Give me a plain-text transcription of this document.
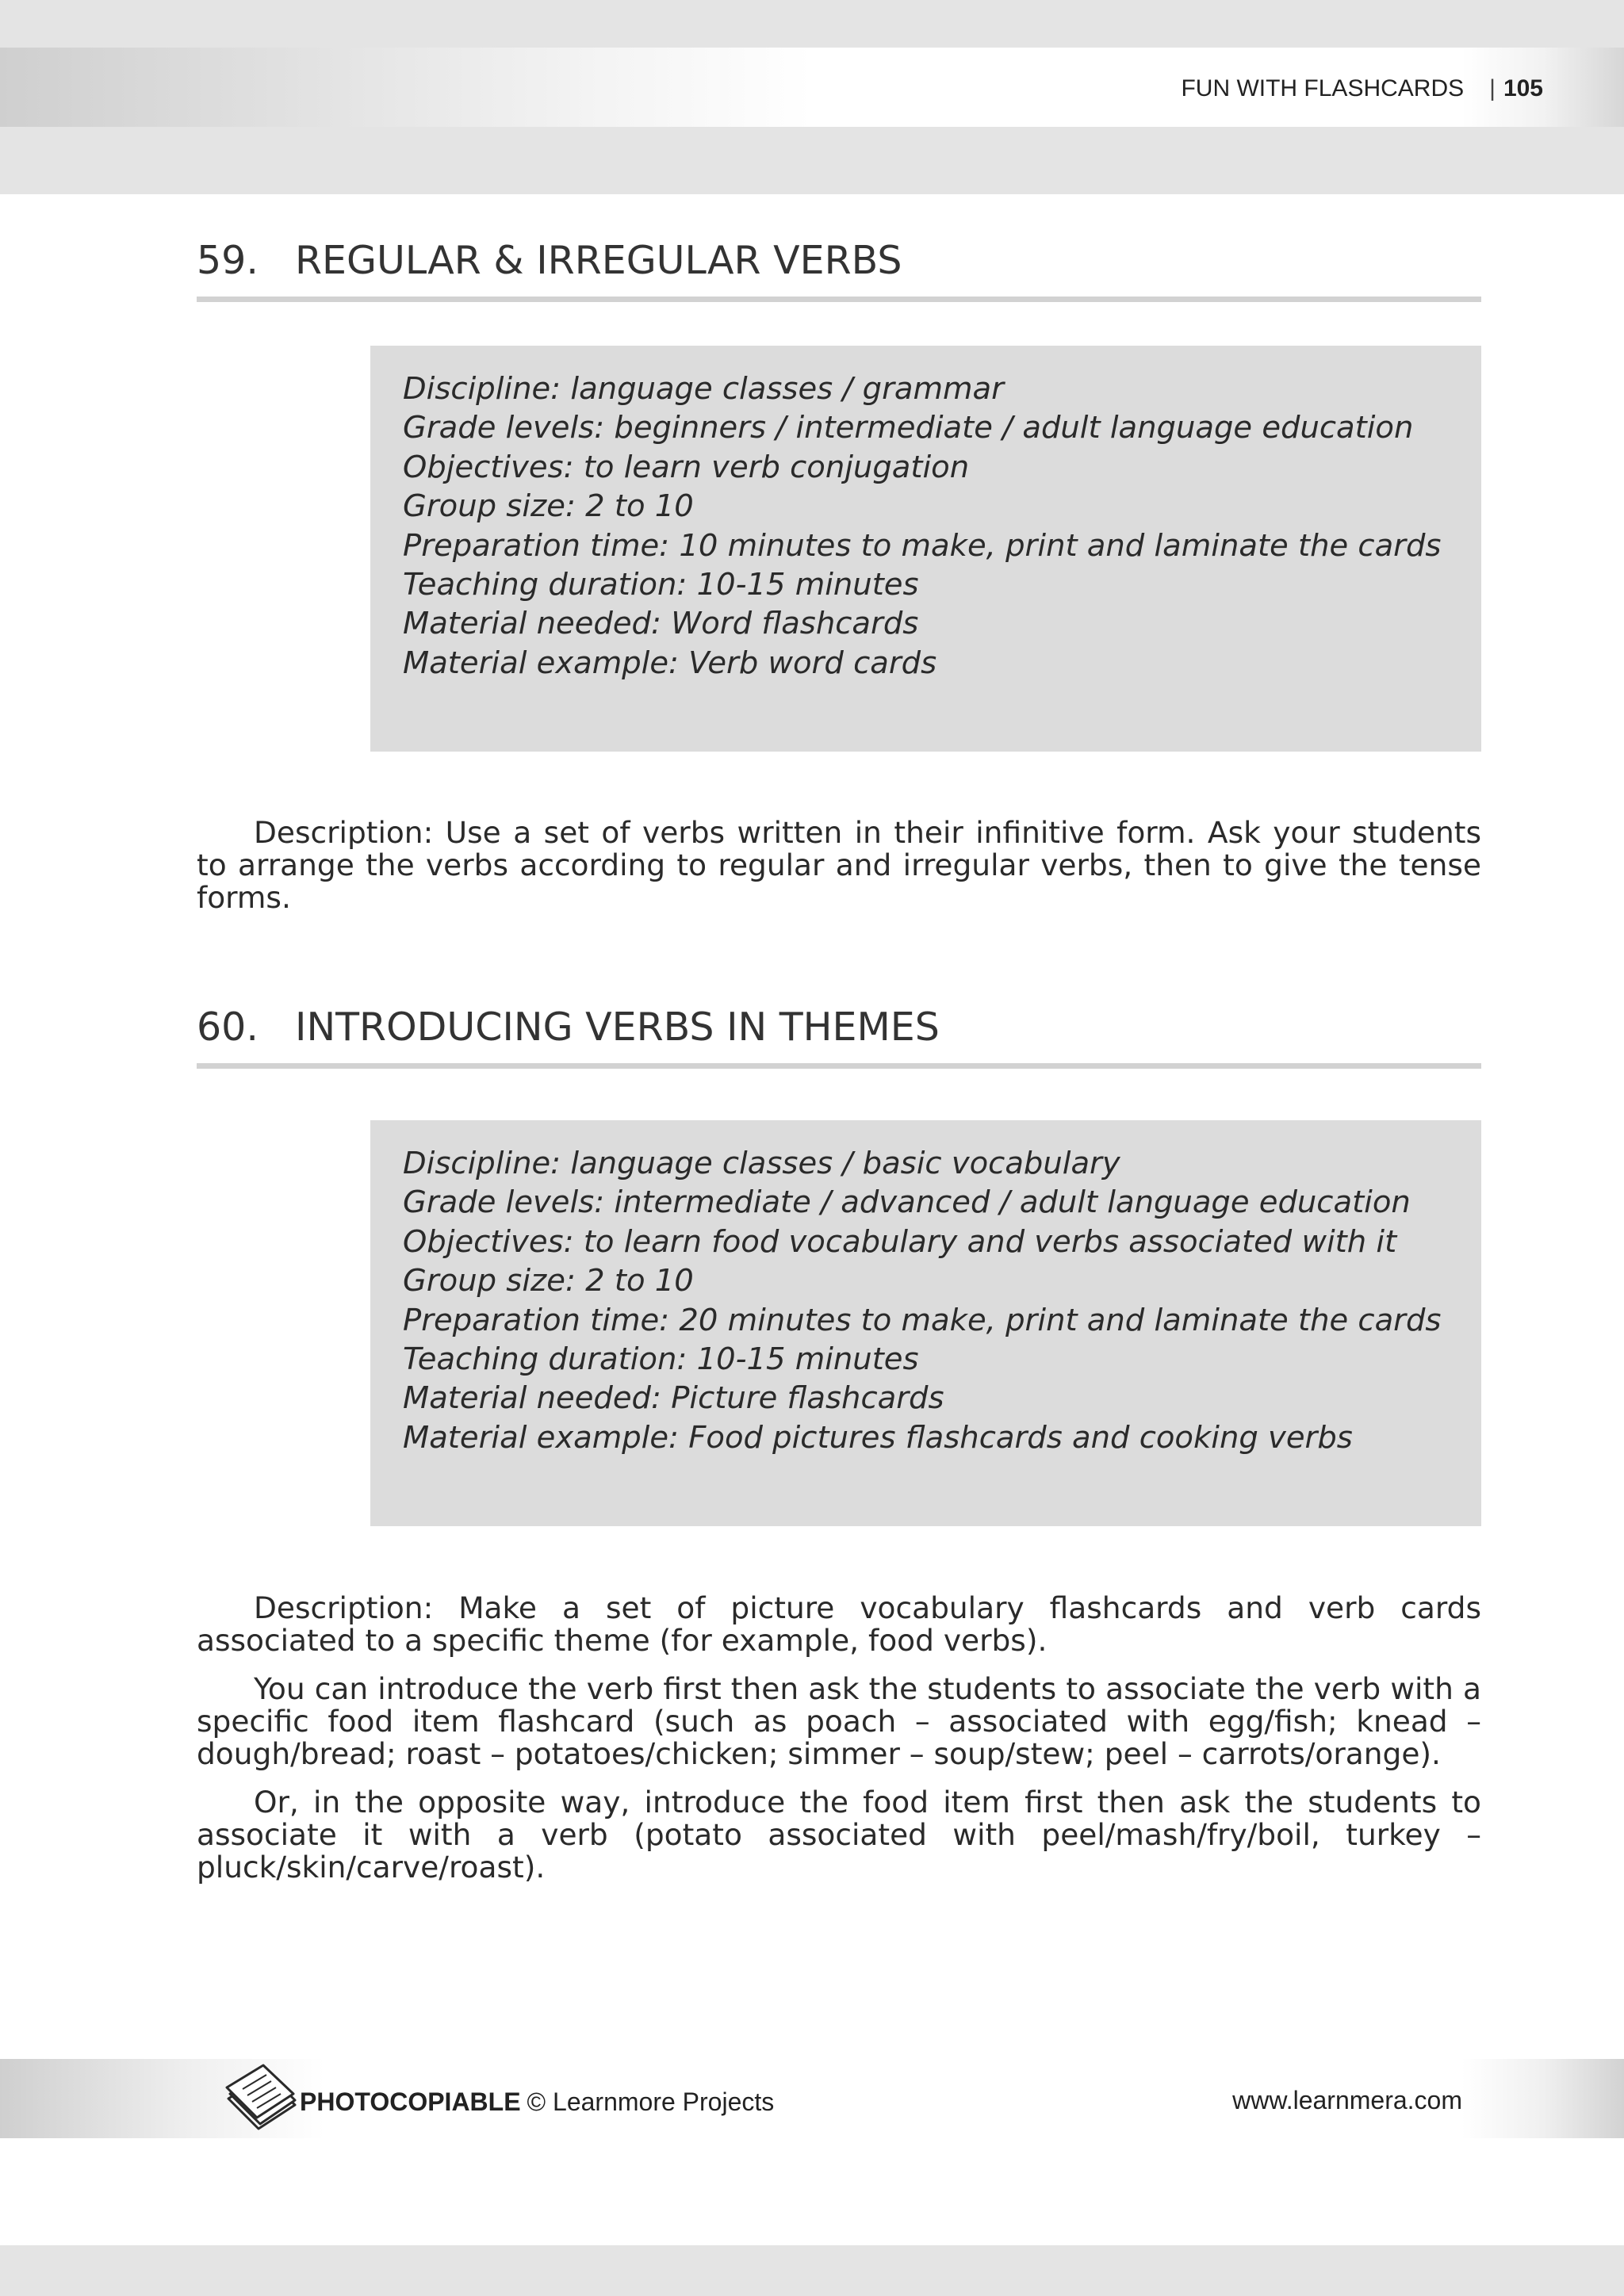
FUN WITH FLASHCARDS | 105
59. REGULAR & IRREGULAR VERBS
Discipline: language classes / grammar
Grade levels: beginners / intermediate / adult language education
Objectives: to learn verb conjugation
Group size: 2 to 10
Preparation time: 10 minutes to make, print and laminate the cards
Teaching duration: 10-15 minutes
Material needed: Word flashcards
Material example: Verb word cards

Description: Use a set of verbs written in their infinitive form. Ask your students to arrange the verbs according to regular and irregular verbs, then to give the tense forms.

60. INTRODUCING VERBS IN THEMES
Discipline: language classes / basic vocabulary
Grade levels: intermediate / advanced / adult language education
Objectives: to learn food vocabulary and verbs associated with it
Group size: 2 to 10
Preparation time: 20 minutes to make, print and laminate the cards
Teaching duration: 10-15 minutes
Material needed: Picture flashcards
Material example: Food pictures flashcards and cooking verbs

Description: Make a set of picture vocabulary flashcards and verb cards associated to a specific theme (for example, food verbs).

You can introduce the verb first then ask the students to associate the verb with a specific food item flashcard (such as poach – associated with egg/fish; knead – dough/bread; roast – potatoes/chicken; simmer – soup/stew; peel – carrots/orange).

Or, in the opposite way, introduce the food item first then ask the students to associate it with a verb (potato associated with peel/mash/fry/boil, turkey – pluck/skin/carve/roast).

PHOTOCOPIABLE © Learnmore Projects	www.learnmera.com
